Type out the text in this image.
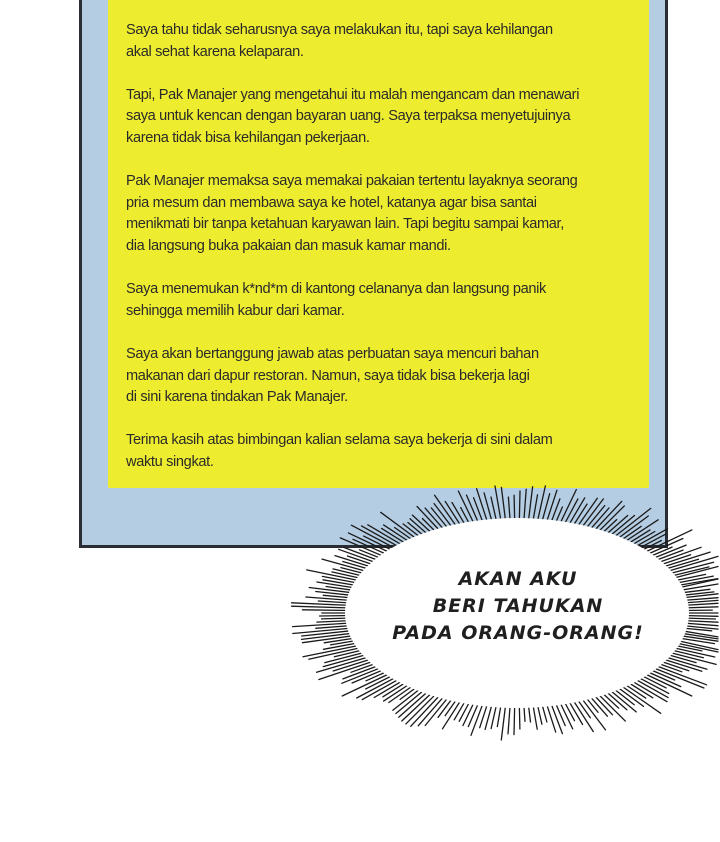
Saya tahu tidak seharusnya saya melakukan itu, tapi saya kehilangan
akal sehat karena kelaparan.

Tapi, Pak Manajer yang mengetahui itu malah mengancam dan menawari
saya untuk kencan dengan bayaran uang. Saya terpaksa menyetujuinya
karena tidak bisa kehilangan pekerjaan.

Pak Manajer memaksa saya memakai pakaian tertentu layaknya seorang
pria mesum dan membawa saya ke hotel, katanya agar bisa santai
menikmati bir tanpa ketahuan karyawan lain. Tapi begitu sampai kamar,
dia langsung buka pakaian dan masuk kamar mandi.

Saya menemukan k*nd*m di kantong celananya dan langsung panik
sehingga memilih kabur dari kamar.

Saya akan bertanggung jawab atas perbuatan saya mencuri bahan
makanan dari dapur restoran. Namun, saya tidak bisa bekerja lagi
di sini karena tindakan Pak Manajer.

Terima kasih atas bimbingan kalian selama saya bekerja di sini dalam
waktu singkat.

AKAN AKU
BERI TAHUKAN
PADA ORANG-ORANG!
